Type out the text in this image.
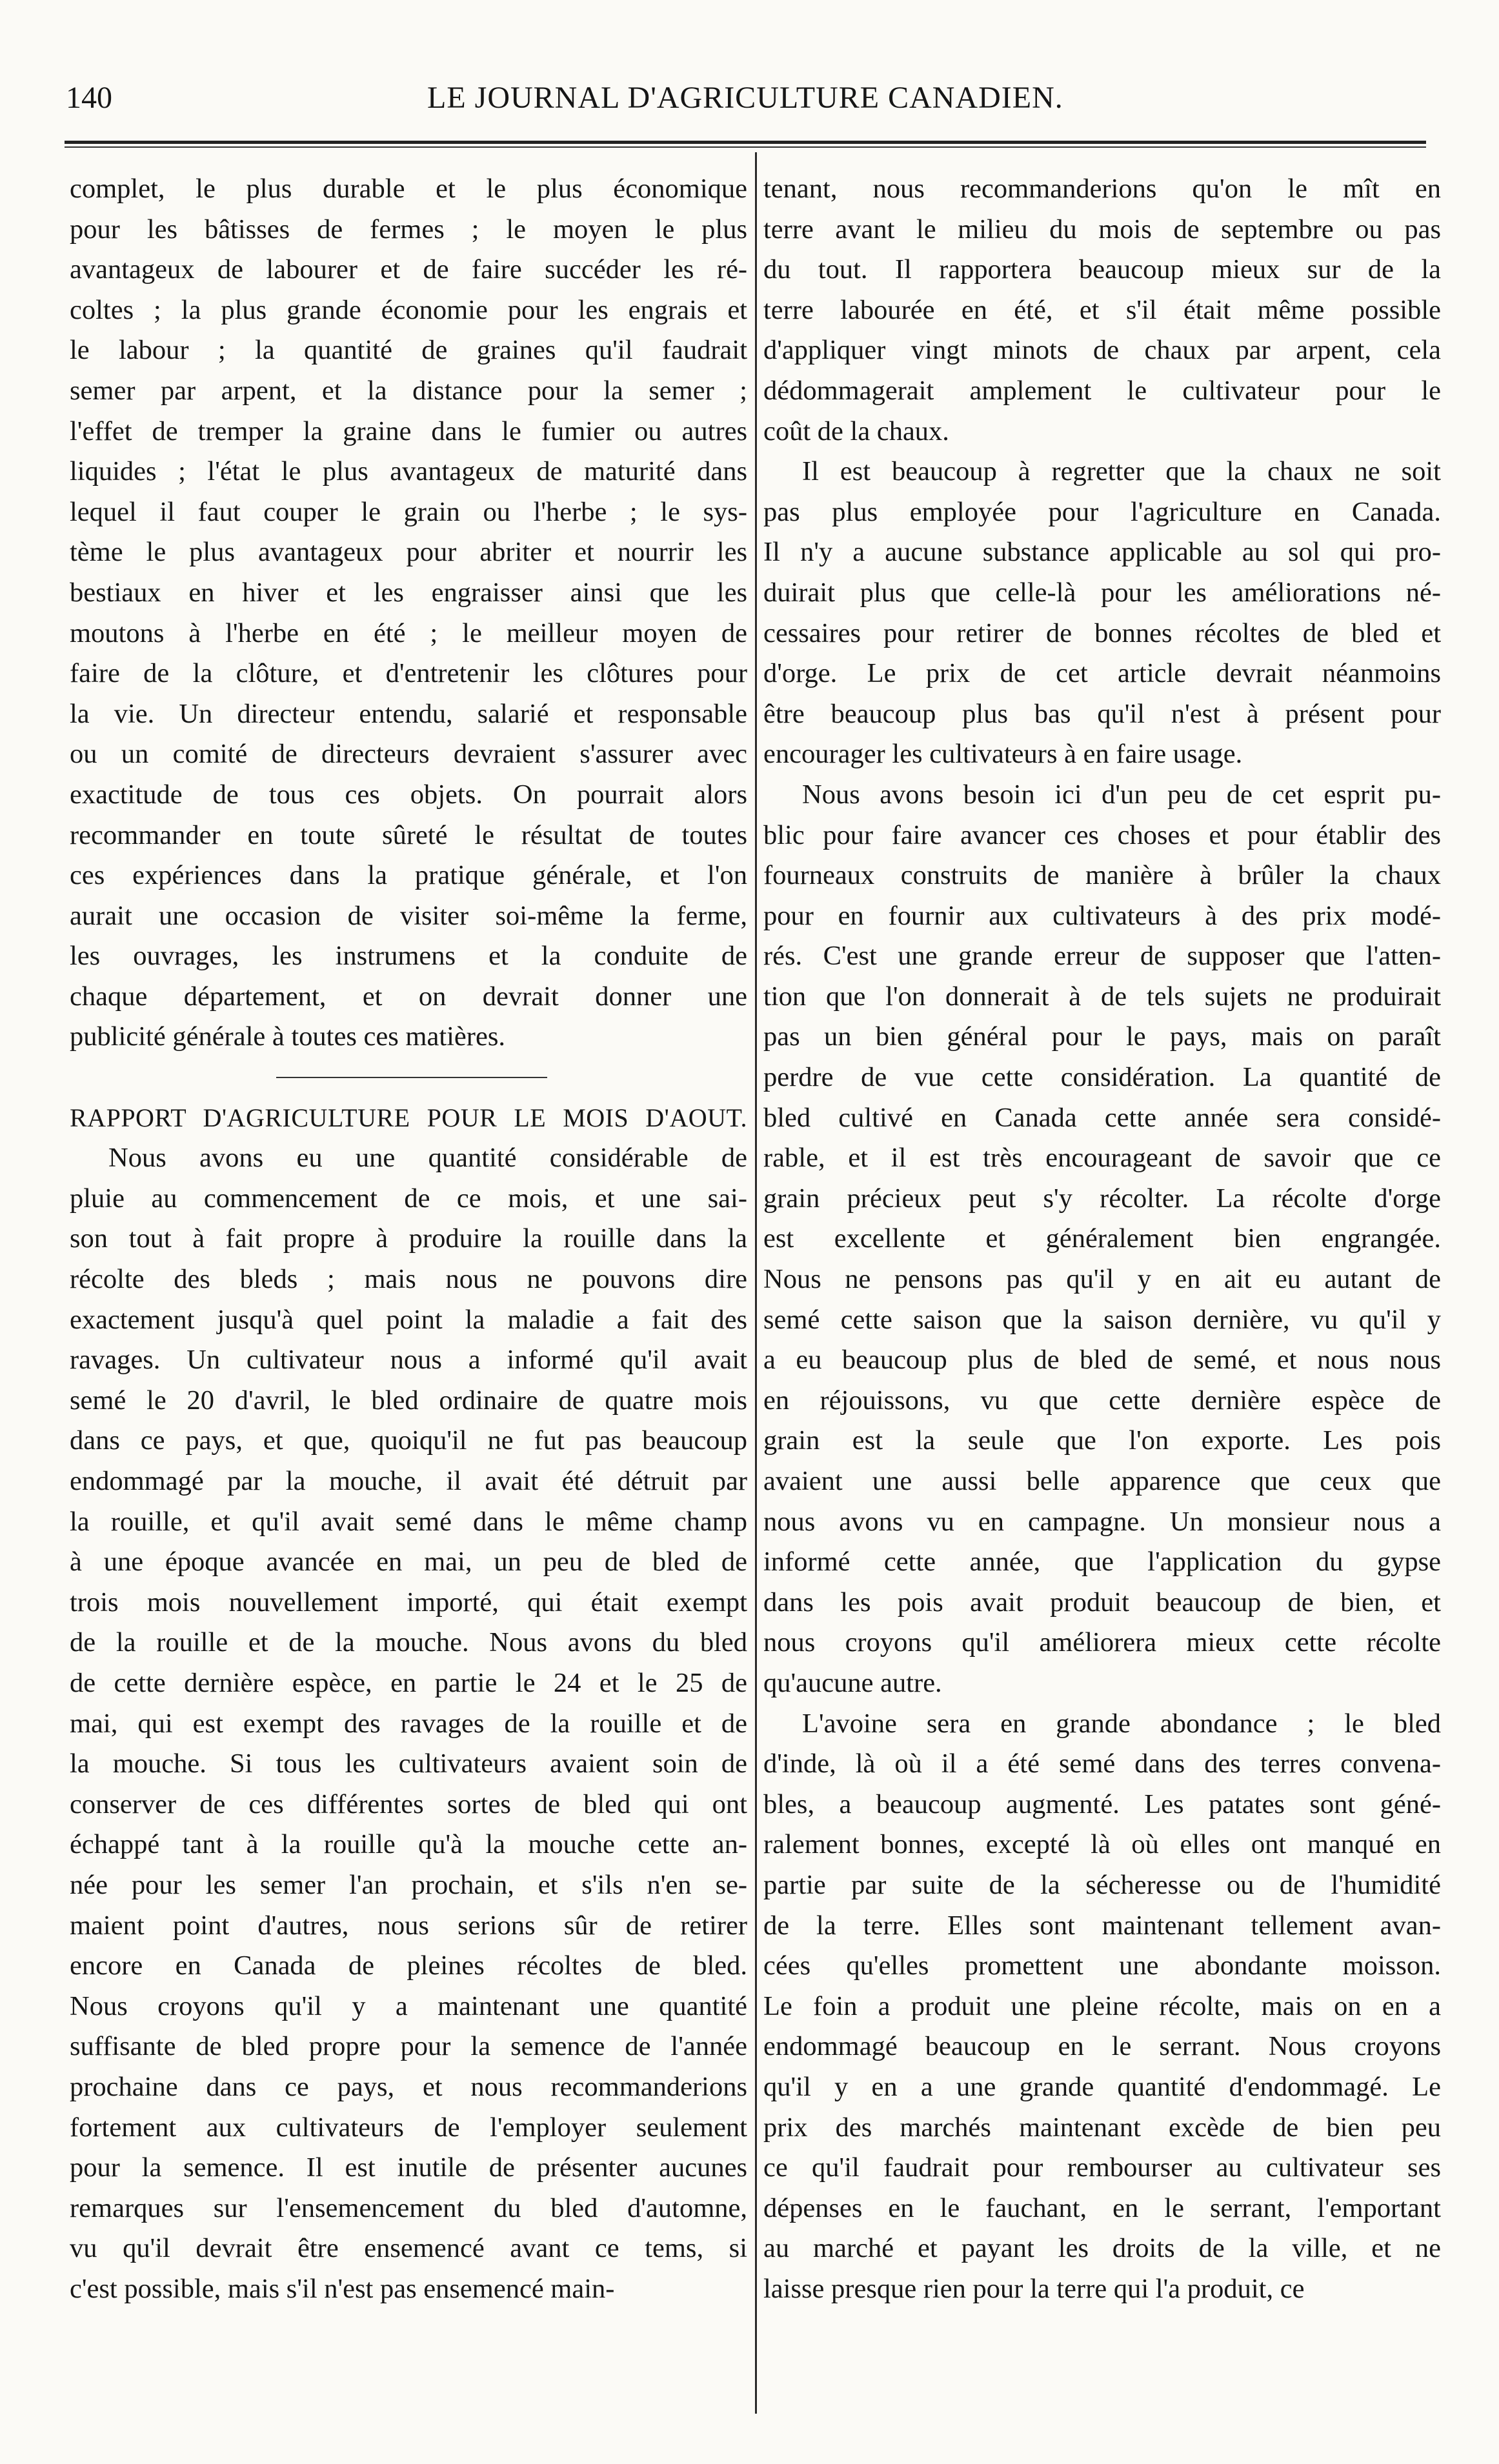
140	LE JOURNAL D'AGRICULTURE CANADIEN.
complet, le plus durable et le plus économique
pour les bâtisses de fermes ; le moyen le plus
avantageux de labourer et de faire succéder les ré-
coltes ; la plus grande économie pour les engrais et
le labour ; la quantité de graines qu'il faudrait
semer par arpent, et la distance pour la semer ;
l'effet de tremper la graine dans le fumier ou autres
liquides ; l'état le plus avantageux de maturité dans
lequel il faut couper le grain ou l'herbe ; le sys-
tème le plus avantageux pour abriter et nourrir les
bestiaux en hiver et les engraisser ainsi que les
moutons à l'herbe en été ; le meilleur moyen de
faire de la clôture, et d'entretenir les clôtures pour
la vie. Un directeur entendu, salarié et responsable
ou un comité de directeurs devraient s'assurer avec
exactitude de tous ces objets. On pourrait alors
recommander en toute sûreté le résultat de toutes
ces expériences dans la pratique générale, et l'on
aurait une occasion de visiter soi-même la ferme,
les ouvrages, les instrumens et la conduite de
chaque département, et on devrait donner une
publicité générale à toutes ces matières.
RAPPORT D'AGRICULTURE POUR LE MOIS D'AOUT.
Nous avons eu une quantité considérable de
pluie au commencement de ce mois, et une sai-
son tout à fait propre à produire la rouille dans la
récolte des bleds ; mais nous ne pouvons dire
exactement jusqu'à quel point la maladie a fait des
ravages. Un cultivateur nous a informé qu'il avait
semé le 20 d'avril, le bled ordinaire de quatre mois
dans ce pays, et que, quoiqu'il ne fut pas beaucoup
endommagé par la mouche, il avait été détruit par
la rouille, et qu'il avait semé dans le même champ
à une époque avancée en mai, un peu de bled de
trois mois nouvellement importé, qui était exempt
de la rouille et de la mouche. Nous avons du bled
de cette dernière espèce, en partie le 24 et le 25 de
mai, qui est exempt des ravages de la rouille et de
la mouche. Si tous les cultivateurs avaient soin de
conserver de ces différentes sortes de bled qui ont
échappé tant à la rouille qu'à la mouche cette an-
née pour les semer l'an prochain, et s'ils n'en se-
maient point d'autres, nous serions sûr de retirer
encore en Canada de pleines récoltes de bled.
Nous croyons qu'il y a maintenant une quantité
suffisante de bled propre pour la semence de l'année
prochaine dans ce pays, et nous recommanderions
fortement aux cultivateurs de l'employer seulement
pour la semence. Il est inutile de présenter aucunes
remarques sur l'ensemencement du bled d'automne,
vu qu'il devrait être ensemencé avant ce tems, si
c'est possible, mais s'il n'est pas ensemencé main-
tenant, nous recommanderions qu'on le mît en
terre avant le milieu du mois de septembre ou pas
du tout. Il rapportera beaucoup mieux sur de la
terre labourée en été, et s'il était même possible
d'appliquer vingt minots de chaux par arpent, cela
dédommagerait amplement le cultivateur pour le
coût de la chaux.
Il est beaucoup à regretter que la chaux ne soit
pas plus employée pour l'agriculture en Canada.
Il n'y a aucune substance applicable au sol qui pro-
duirait plus que celle-là pour les améliorations né-
cessaires pour retirer de bonnes récoltes de bled et
d'orge. Le prix de cet article devrait néanmoins
être beaucoup plus bas qu'il n'est à présent pour
encourager les cultivateurs à en faire usage.
Nous avons besoin ici d'un peu de cet esprit pu-
blic pour faire avancer ces choses et pour établir des
fourneaux construits de manière à brûler la chaux
pour en fournir aux cultivateurs à des prix modé-
rés. C'est une grande erreur de supposer que l'atten-
tion que l'on donnerait à de tels sujets ne produirait
pas un bien général pour le pays, mais on paraît
perdre de vue cette considération. La quantité de
bled cultivé en Canada cette année sera considé-
rable, et il est très encourageant de savoir que ce
grain précieux peut s'y récolter. La récolte d'orge
est excellente et généralement bien engrangée.
Nous ne pensons pas qu'il y en ait eu autant de
semé cette saison que la saison dernière, vu qu'il y
a eu beaucoup plus de bled de semé, et nous nous
en réjouissons, vu que cette dernière espèce de
grain est la seule que l'on exporte. Les pois
avaient une aussi belle apparence que ceux que
nous avons vu en campagne. Un monsieur nous a
informé cette année, que l'application du gypse
dans les pois avait produit beaucoup de bien, et
nous croyons qu'il améliorera mieux cette récolte
qu'aucune autre.
L'avoine sera en grande abondance ; le bled
d'inde, là où il a été semé dans des terres convena-
bles, a beaucoup augmenté. Les patates sont géné-
ralement bonnes, excepté là où elles ont manqué en
partie par suite de la sécheresse ou de l'humidité
de la terre. Elles sont maintenant tellement avan-
cées qu'elles promettent une abondante moisson.
Le foin a produit une pleine récolte, mais on en a
endommagé beaucoup en le serrant. Nous croyons
qu'il y en a une grande quantité d'endommagé. Le
prix des marchés maintenant excède de bien peu
ce qu'il faudrait pour rembourser au cultivateur ses
dépenses en le fauchant, en le serrant, l'emportant
au marché et payant les droits de la ville, et ne
laisse presque rien pour la terre qui l'a produit, ce
